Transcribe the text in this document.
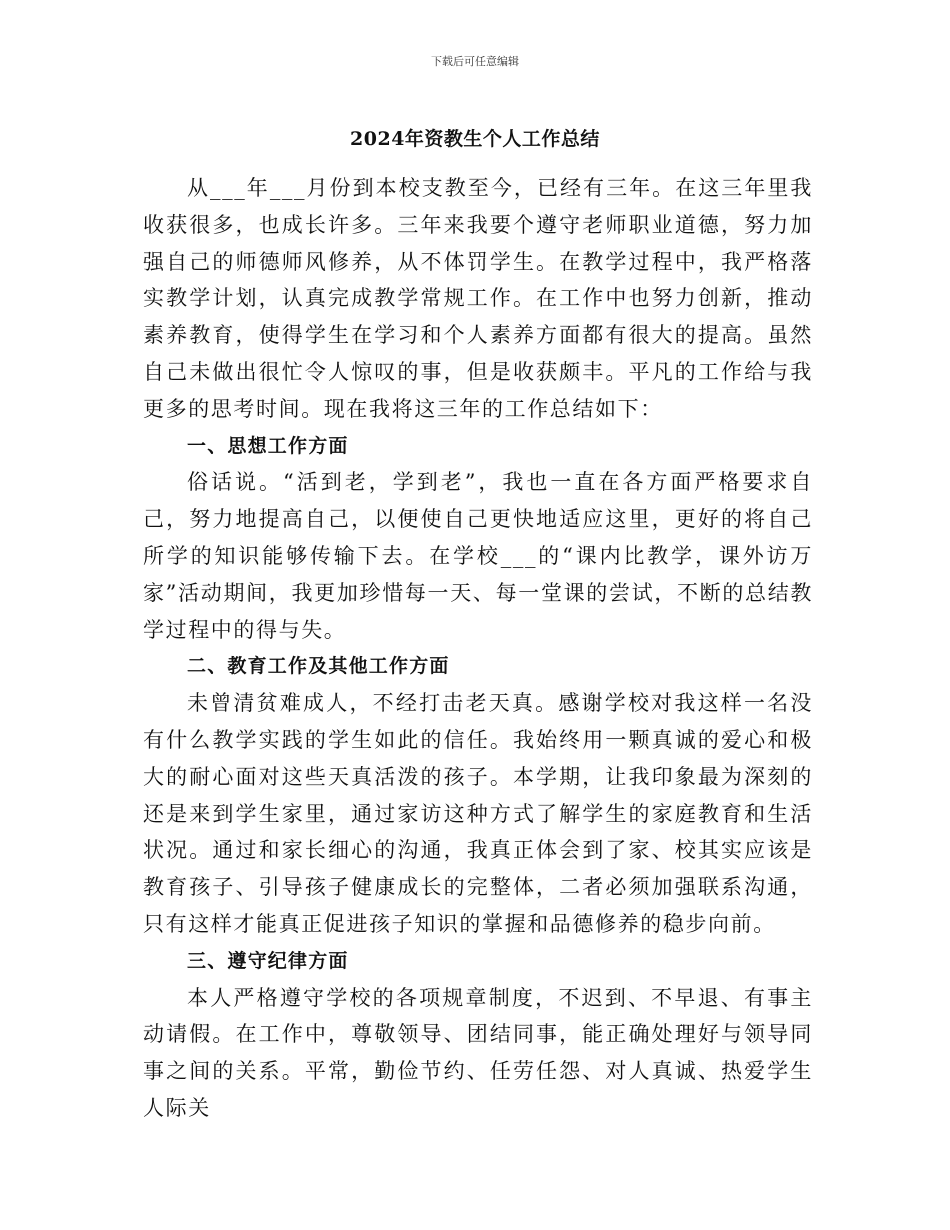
下载后可任意编辑
2024年资教生个人工作总结

从___年___月份到本校支教至今，已经有三年。在这三年里我收获很多，也成长许多。三年来我要个遵守老师职业道德，努力加强自己的师德师风修养，从不体罚学生。在教学过程中，我严格落实教学计划，认真完成教学常规工作。在工作中也努力创新，推动素养教育，使得学生在学习和个人素养方面都有很大的提高。虽然自己未做出很忙令人惊叹的事，但是收获颇丰。平凡的工作给与我更多的思考时间。现在我将这三年的工作总结如下：

一、思想工作方面

俗话说。“活到老，学到老”，我也一直在各方面严格要求自己，努力地提高自己，以便使自己更快地适应这里，更好的将自己所学的知识能够传输下去。在学校___的“课内比教学，课外访万家”活动期间，我更加珍惜每一天、每一堂课的尝试，不断的总结教学过程中的得与失。

二、教育工作及其他工作方面

未曾清贫难成人，不经打击老天真。感谢学校对我这样一名没有什么教学实践的学生如此的信任。我始终用一颗真诚的爱心和极大的耐心面对这些天真活泼的孩子。本学期，让我印象最为深刻的还是来到学生家里，通过家访这种方式了解学生的家庭教育和生活状况。通过和家长细心的沟通，我真正体会到了家、校其实应该是教育孩子、引导孩子健康成长的完整体，二者必须加强联系沟通，只有这样才能真正促进孩子知识的掌握和品德修养的稳步向前。

三、遵守纪律方面

本人严格遵守学校的各项规章制度，不迟到、不早退、有事主动请假。在工作中，尊敬领导、团结同事，能正确处理好与领导同事之间的关系。平常，勤俭节约、任劳任怨、对人真诚、热爱学生人际关
